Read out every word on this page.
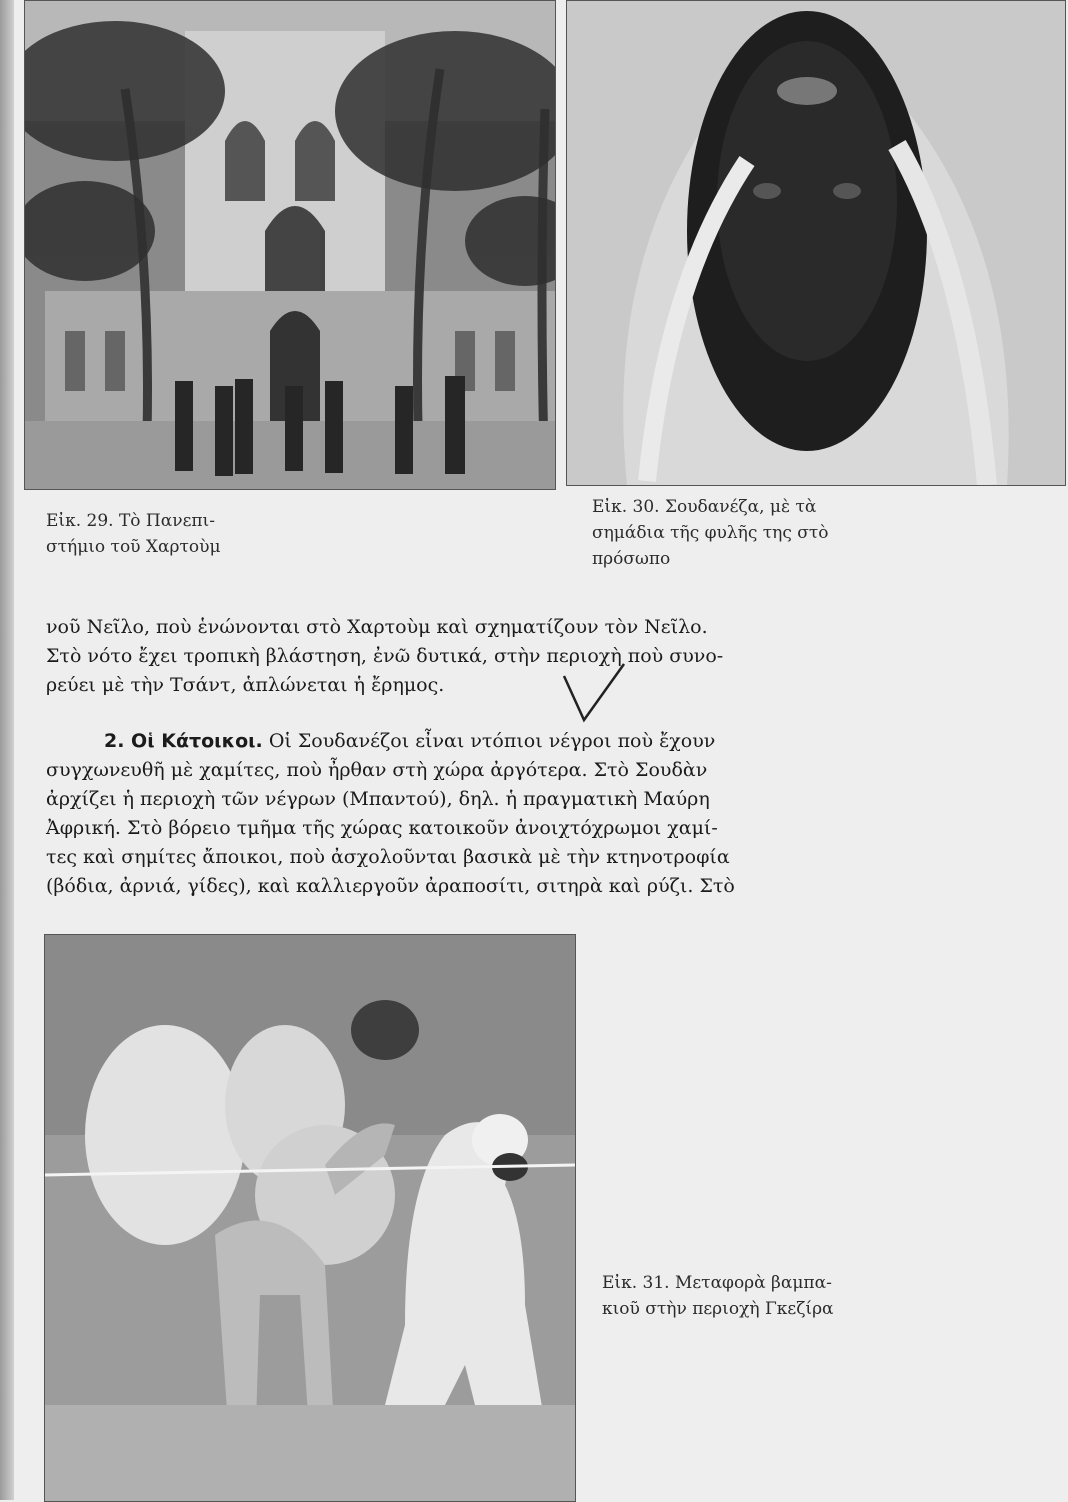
Εἰκ. 29. Τὸ Πανεπι-
στήμιο τοῦ Χαρτοὺμ

Εἰκ. 30. Σουδανέζα, μὲ τὰ
σημάδια τῆς φυλῆς της στὸ
πρόσωπο

Εἰκ. 31. Μεταφορὰ βαμπα-
κιοῦ στὴν περιοχὴ Γκεζίρα

νοῦ Νεῖλο, ποὺ ἑνώνονται στὸ Χαρτοὺμ καὶ σχηματίζουν τὸν Νεῖλο.
Στὸ νότο ἔχει τροπικὴ βλάστηση, ἐνῶ δυτικά, στὴν περιοχὴ ποὺ συνο-
ρεύει μὲ τὴν Τσάντ, ἁπλώνεται ἡ ἔρημος.

2. Οἱ Κάτοικοι. Οἱ Σουδανέζοι εἶναι ντόπιοι νέγροι ποὺ ἔχουν
συγχωνευθῆ μὲ χαμίτες, ποὺ ἦρθαν στὴ χώρα ἀργότερα. Στὸ Σουδὰν
ἀρχίζει ἡ περιοχὴ τῶν νέγρων (Μπαντού), δηλ. ἡ πραγματικὴ Μαύρη
Ἀφρική. Στὸ βόρειο τμῆμα τῆς χώρας κατοικοῦν ἀνοιχτόχρωμοι χαμί-
τες καὶ σημίτες ἄποικοι, ποὺ ἀσχολοῦνται βασικὰ μὲ τὴν κτηνοτροφία
(βόδια, ἀρνιά, γίδες), καὶ καλλιεργοῦν ἀραποσίτι, σιτηρὰ καὶ ρύζι. Στὸ
